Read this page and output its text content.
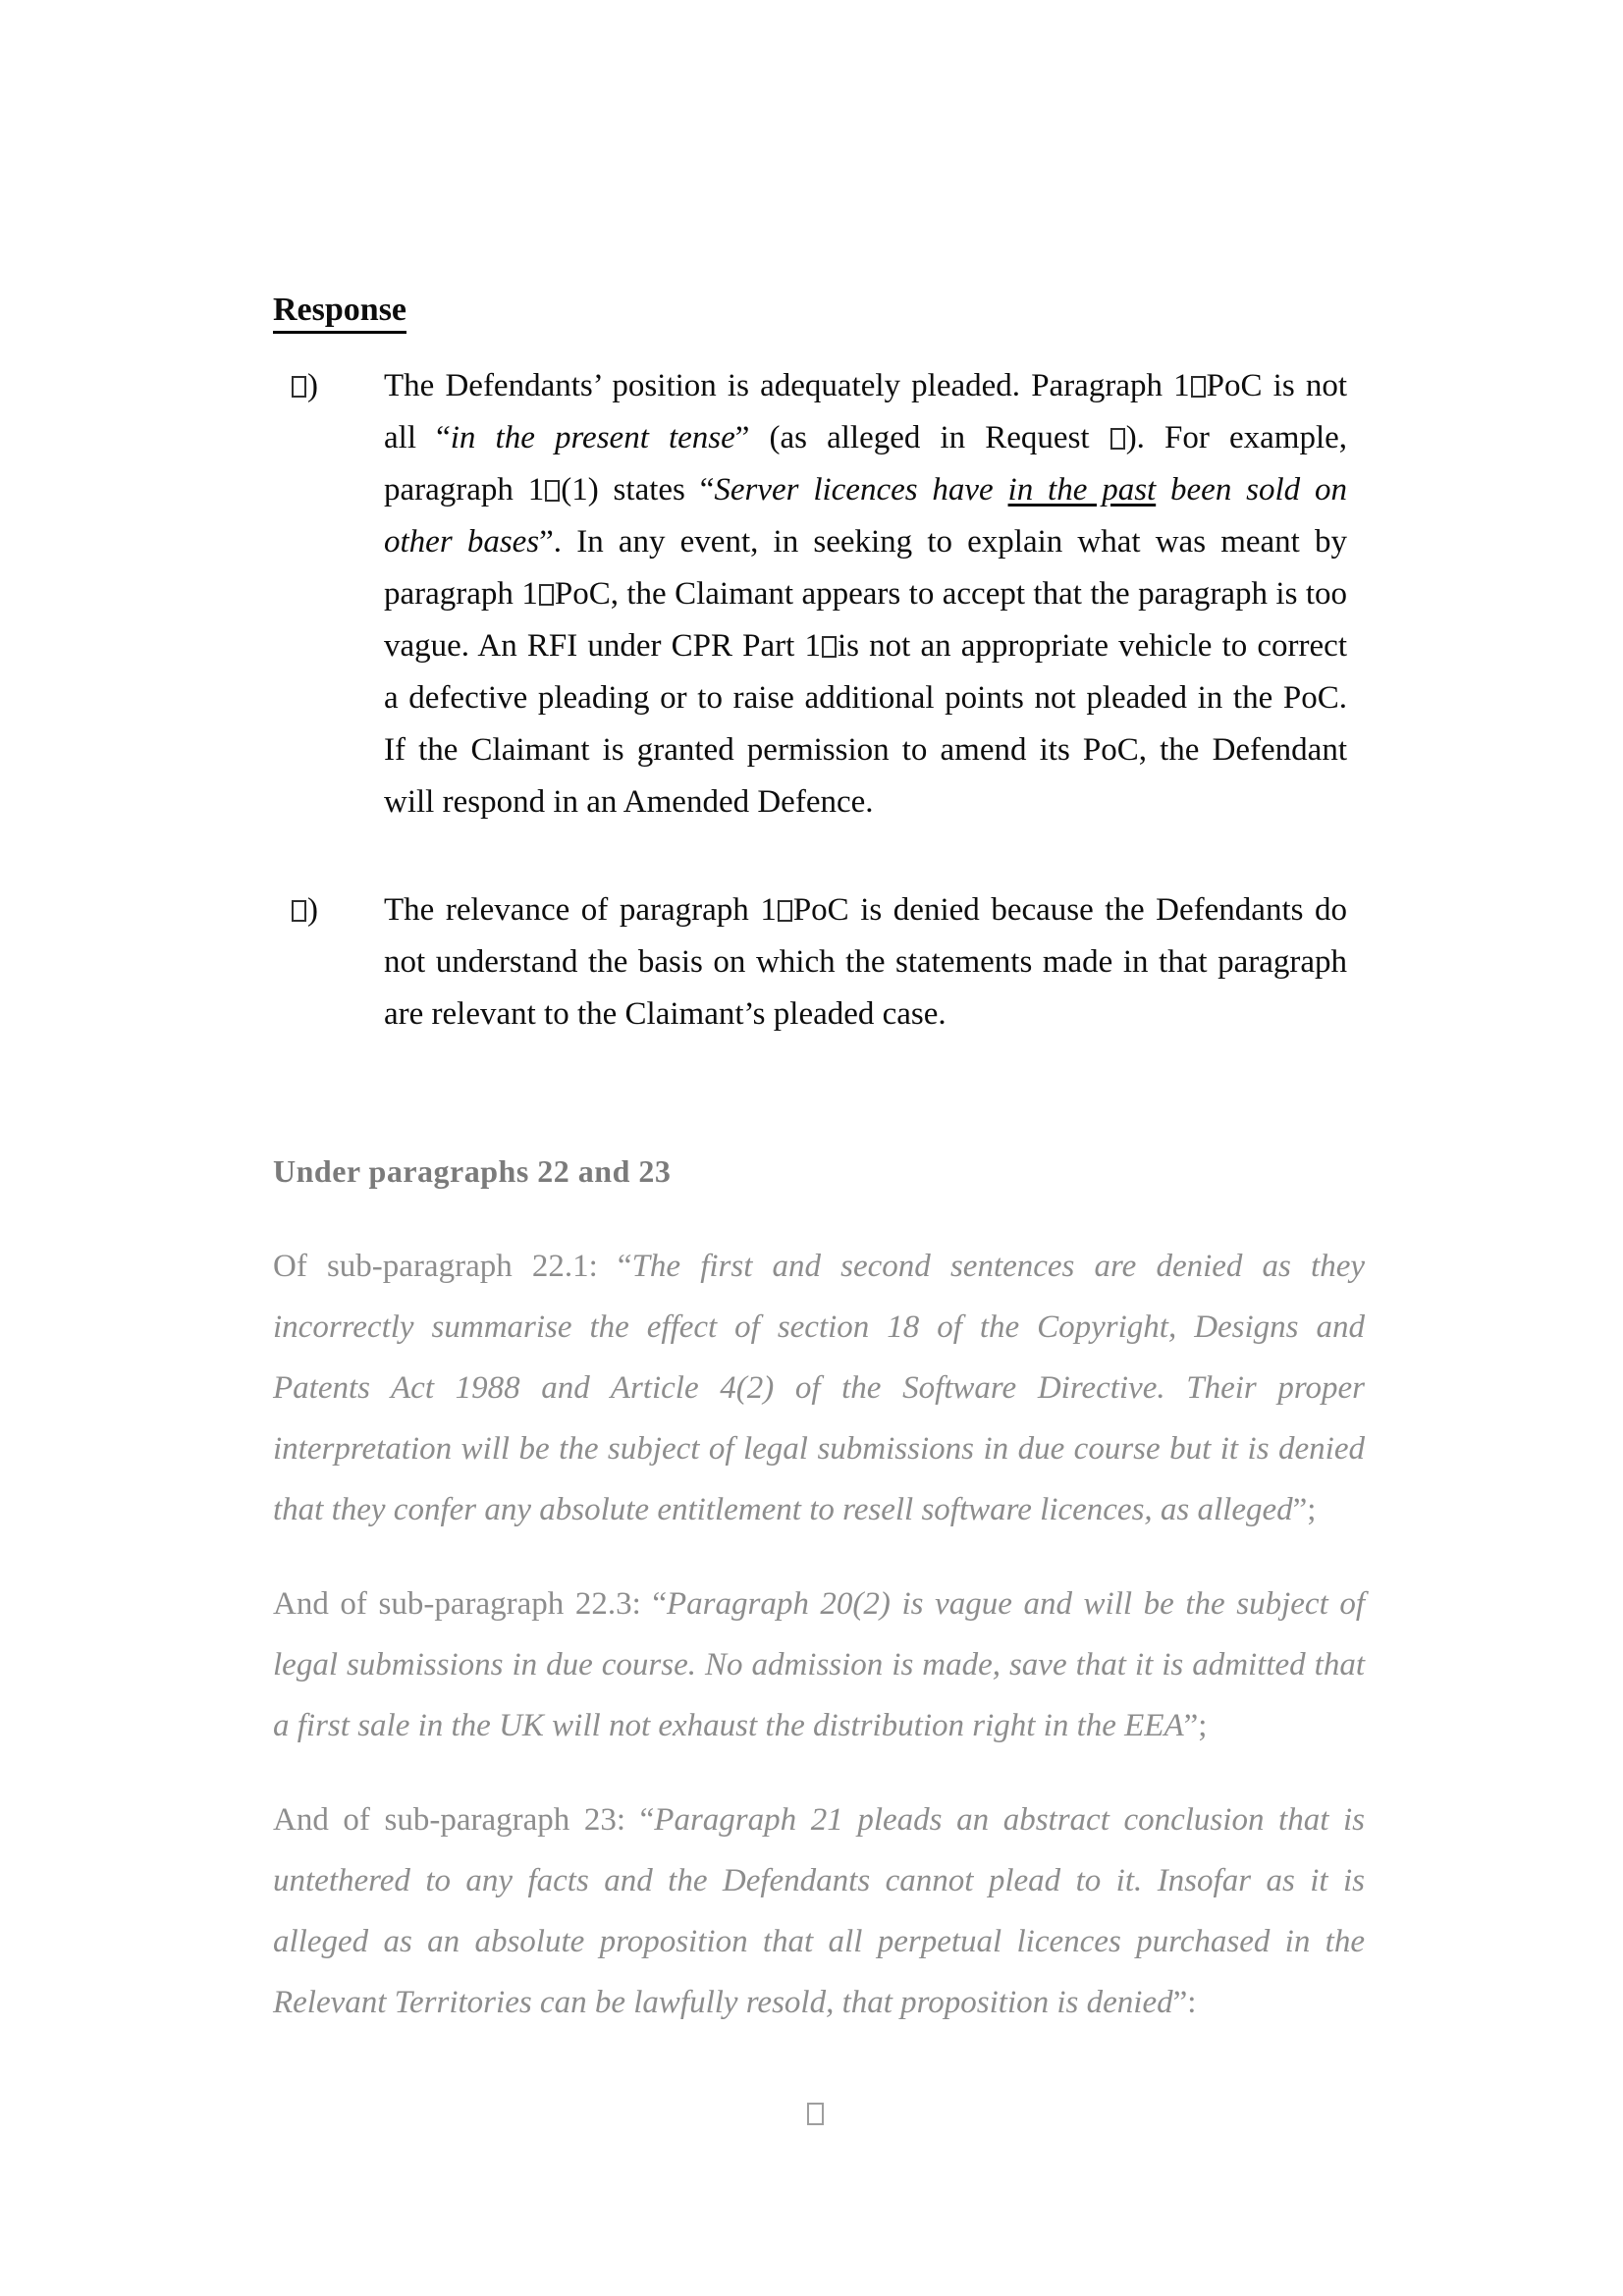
Response
) The Defendants’ position is adequately pleaded. Paragraph 1 PoC is not all “in the present tense” (as alleged in Request ). For example, paragraph 1 (1) states “Server licences have in the past been sold on other bases”. In any event, in seeking to explain what was meant by paragraph 1 PoC, the Claimant appears to accept that the paragraph is too vague. An RFI under CPR Part 1 is not an appropriate vehicle to correct a defective pleading or to raise additional points not pleaded in the PoC. If the Claimant is granted permission to amend its PoC, the Defendant will respond in an Amended Defence.
) The relevance of paragraph 1 PoC is denied because the Defendants do not understand the basis on which the statements made in that paragraph are relevant to the Claimant’s pleaded case.
Under paragraphs 22 and 23

Of sub-paragraph 22.1: “The first and second sentences are denied as they incorrectly summarise the effect of section 18 of the Copyright, Designs and Patents Act 1988 and Article 4(2) of the Software Directive. Their proper interpretation will be the subject of legal submissions in due course but it is denied that they confer any absolute entitlement to resell software licences, as alleged”;

And of sub-paragraph 22.3: “Paragraph 20(2) is vague and will be the subject of legal submissions in due course. No admission is made, save that it is admitted that a first sale in the UK will not exhaust the distribution right in the EEA”;

And of sub-paragraph 23: “Paragraph 21 pleads an abstract conclusion that is untethered to any facts and the Defendants cannot plead to it. Insofar as it is alleged as an absolute proposition that all perpetual licences purchased in the Relevant Territories can be lawfully resold, that proposition is denied”:
